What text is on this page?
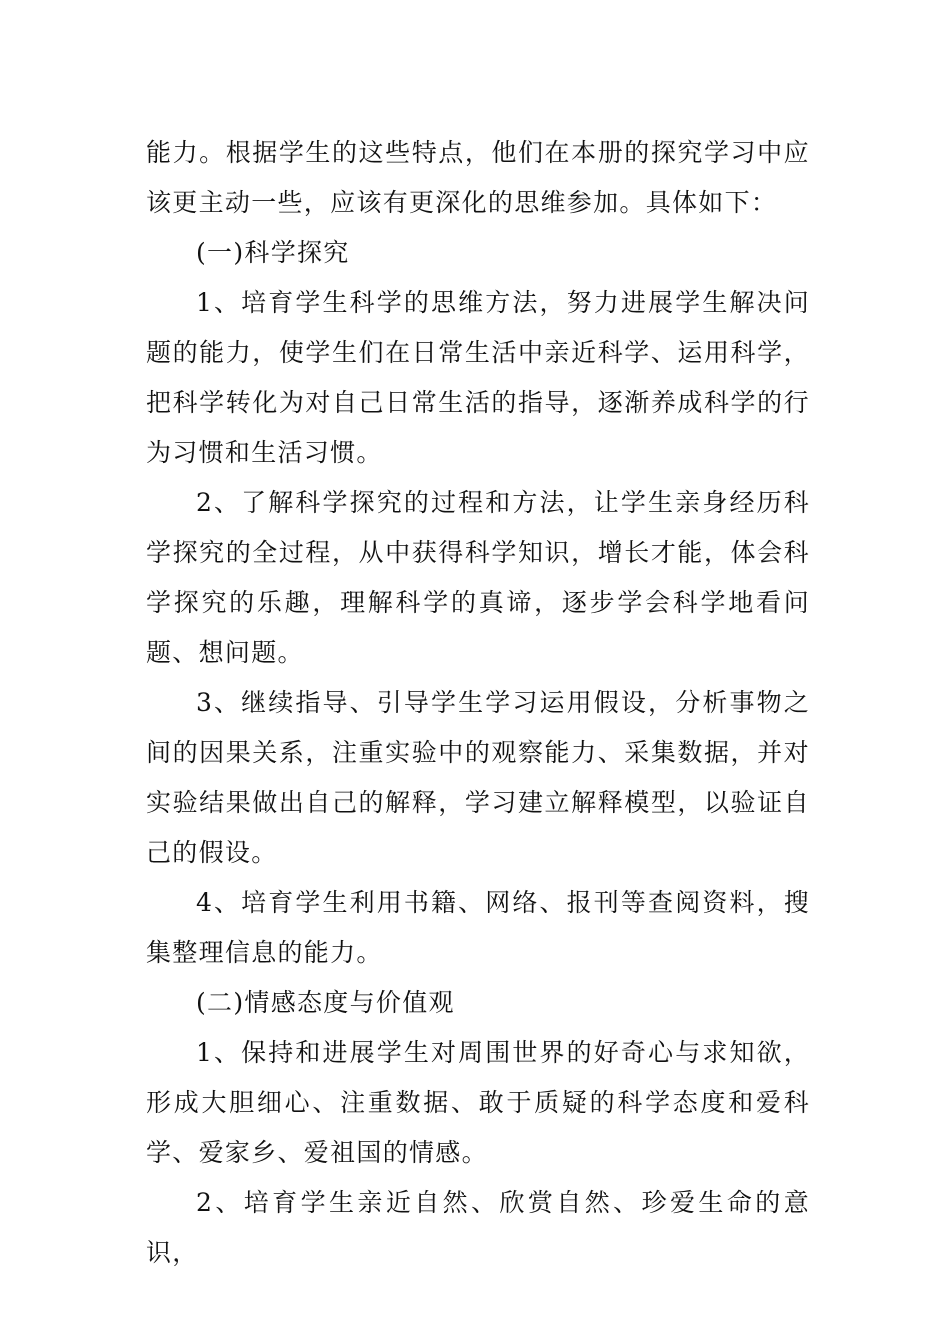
能力。根据学生的这些特点，他们在本册的探究学习中应该更主动一些，应该有更深化的思维参加。具体如下：

(一)科学探究

1、培育学生科学的思维方法，努力进展学生解决问题的能力，使学生们在日常生活中亲近科学、运用科学，把科学转化为对自己日常生活的指导，逐渐养成科学的行为习惯和生活习惯。

2、了解科学探究的过程和方法，让学生亲身经历科学探究的全过程，从中获得科学知识，增长才能，体会科学探究的乐趣，理解科学的真谛，逐步学会科学地看问题、想问题。

3、继续指导、引导学生学习运用假设，分析事物之间的因果关系，注重实验中的观察能力、采集数据，并对实验结果做出自己的解释，学习建立解释模型，以验证自己的假设。

4、培育学生利用书籍、网络、报刊等查阅资料，搜集整理信息的能力。

(二)情感态度与价值观

1、保持和进展学生对周围世界的好奇心与求知欲，形成大胆细心、注重数据、敢于质疑的科学态度和爱科学、爱家乡、爱祖国的情感。

2、培育学生亲近自然、欣赏自然、珍爱生命的意识，
